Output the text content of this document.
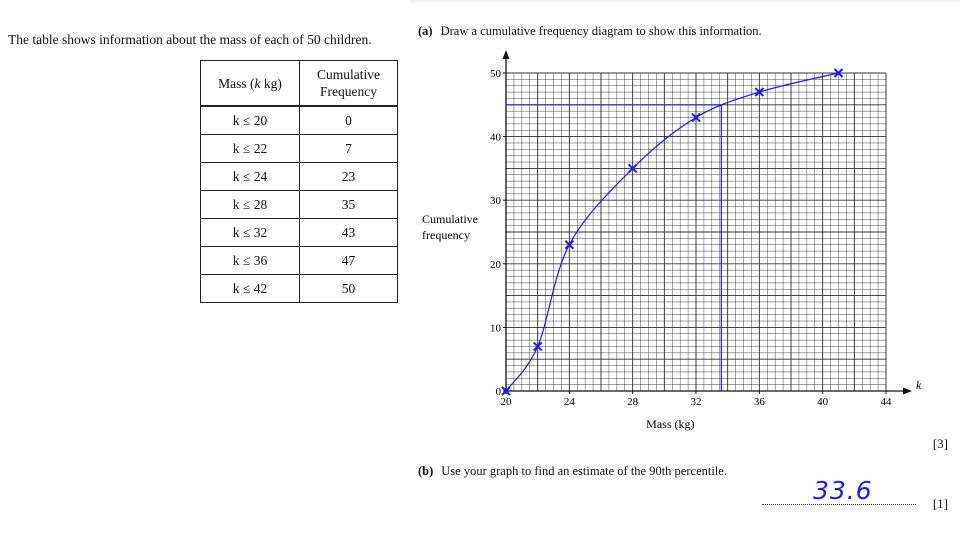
The table shows information about the mass of each of 50 children.
Mass (k kg)	Cumulative Frequency
k ≤ 20	0
k ≤ 22	7
k ≤ 24	23
k ≤ 28	35
k ≤ 32	43
k ≤ 36	47
k ≤ 42	50
(a) Draw a cumulative frequency diagram to show this information.
20	24	28	32	36	40	44
0
10
20
30
40
50
Mass (kg)
Cumulative
frequency
k
[3]
(b) Use your graph to find an estimate of the 90th percentile.
33.6	[1]
